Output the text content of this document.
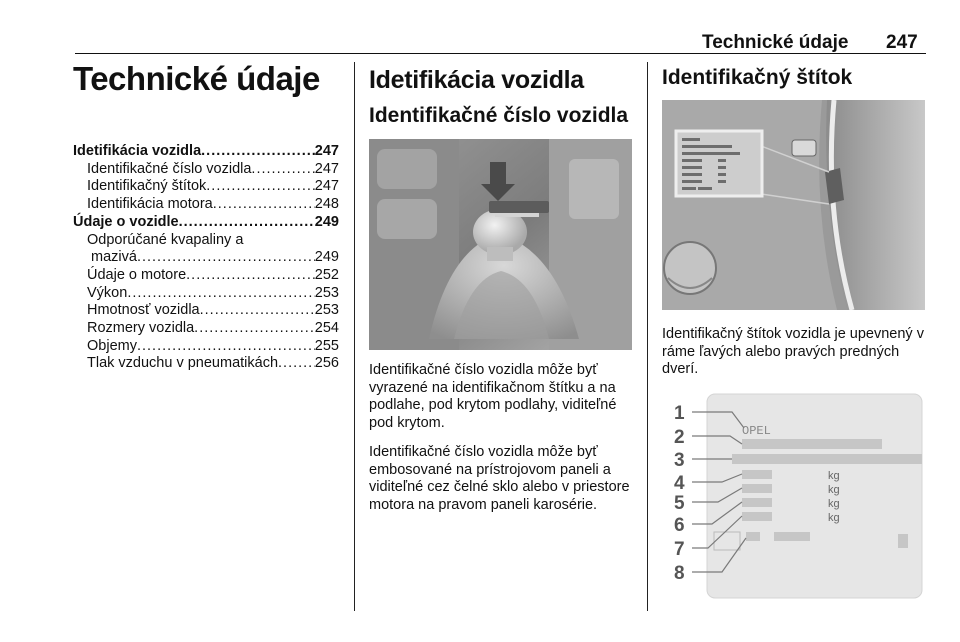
Technické údaje 247
Technické údaje
Idetifikácia vozidla .....	247
Identifikačné číslo vozidla .....	247
Identifikačný štítok .....	247
Identifikácia motora .....	248
Údaje o vozidle .....	249
Odporúčané kvapaliny a
mazivá .....	249
Údaje o motore .....	252
Výkon .....	253
Hmotnosť vozidla .....	253
Rozmery vozidla .....	254
Objemy .....	255
Tlak vzduchu v pneumatikách .....	256
Idetifikácia vozidla
Identifikačné číslo vozidla
Identifikačné číslo vozidla môže byť vyrazené na identifikačnom štítku a na podlahe, pod krytom podlahy, viditeľné pod krytom.
Identifikačné číslo vozidla môže byť embosované na prístrojovom paneli a viditeľné cez čelné sklo alebo v priestore motora na pravom paneli karosérie.
Identifikačný štítok
Identifikačný štítok vozidla je upevnený v ráme ľavých alebo pravých predných dverí.
OPEL
kg
kg
kg
kg
1
2
3
4
5
6
7
8
